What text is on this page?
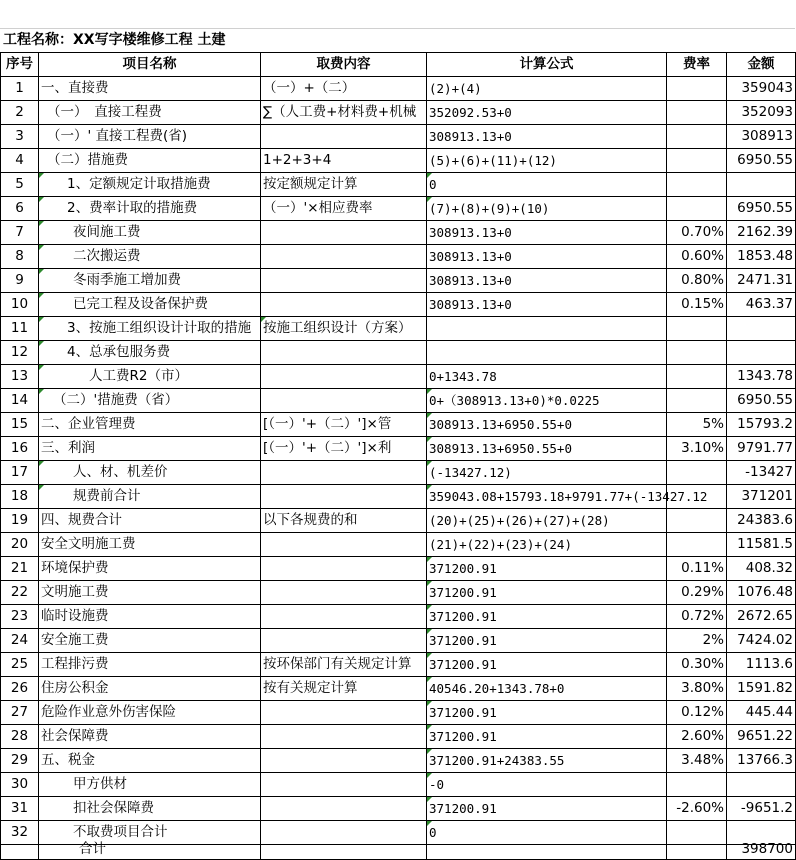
工程名称：XX写字楼维修工程 土建
序号	项目名称	取费内容	计算公式	费率	金额
1	一、直接费	（一）+（二）	(2)+(4)		359043
2	（一）　直接工程费	∑（人工费+材料费+机械	352092.53+0		352093
3	（一）' 直接工程费(省)		308913.13+0		308913
4	（二）措施费	1+2+3+4	(5)+(6)+(11)+(12)		6950.55
5	1、定额规定计取措施费	按定额规定计算	0		
6	2、费率计取的措施费	（一）'×相应费率	(7)+(8)+(9)+(10)		6950.55
7	夜间施工费		308913.13+0	0.70%	2162.39
8	二次搬运费		308913.13+0	0.60%	1853.48
9	冬雨季施工增加费		308913.13+0	0.80%	2471.31
10	已完工程及设备保护费		308913.13+0	0.15%	463.37
11	3、按施工组织设计计取的措施	按施工组织设计（方案）			
12	4、总承包服务费				
13	人工费R2（市）		0+1343.78		1343.78
14	（二）'措施费（省）		0+（308913.13+0)*0.0225		6950.55
15	二、企业管理费	[（一）'+（二）']×管	308913.13+6950.55+0	5%	15793.2
16	三、利润	[（一）'+（二）']×利	308913.13+6950.55+0	3.10%	9791.77
17	人、材、机差价		(-13427.12)		-13427
18	规费前合计		359043.08+15793.18+9791.77+(-13427.12		371201
19	四、规费合计	以下各规费的和	(20)+(25)+(26)+(27)+(28)		24383.6
20	安全文明施工费		(21)+(22)+(23)+(24)		11581.5
21	环境保护费		371200.91	0.11%	408.32
22	文明施工费		371200.91	0.29%	1076.48
23	临时设施费		371200.91	0.72%	2672.65
24	安全施工费		371200.91	2%	7424.02
25	工程排污费	按环保部门有关规定计算	371200.91	0.30%	1113.6
26	住房公积金	按有关规定计算	40546.20+1343.78+0	3.80%	1591.82
27	危险作业意外伤害保险		371200.91	0.12%	445.44
28	社会保障费		371200.91	2.60%	9651.22
29	五、税金		371200.91+24383.55	3.48%	13766.3
30	甲方供材		-0		
31	扣社会保障费		371200.91	-2.60%	-9651.2
32	不取费项目合计		0		
	合计				398700
